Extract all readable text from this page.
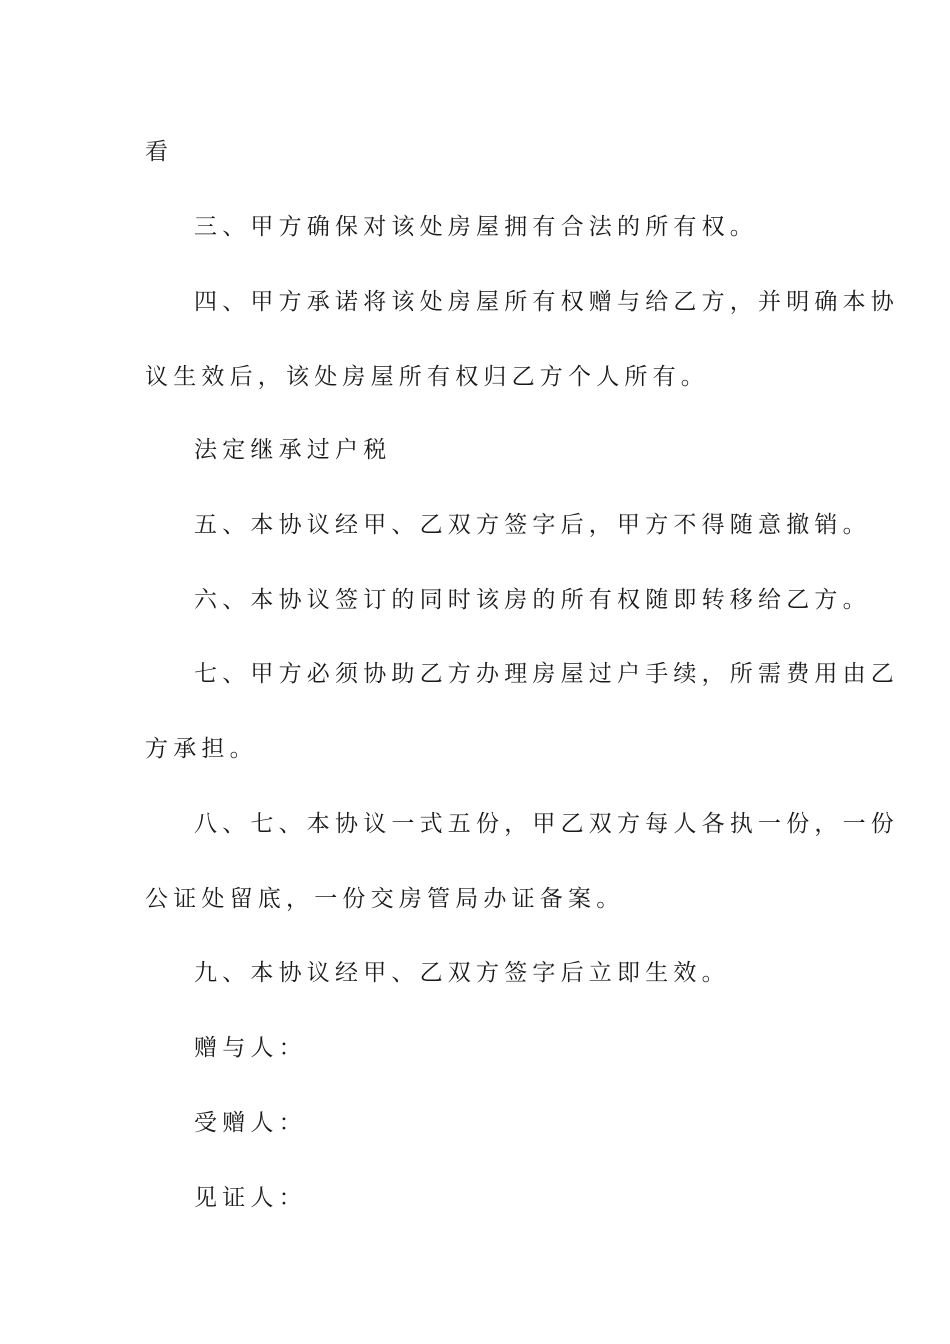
看

三、甲方确保对该处房屋拥有合法的所有权。

四、甲方承诺将该处房屋所有权赠与给乙方，并明确本协

议生效后，该处房屋所有权归乙方个人所有。

法定继承过户税

五、本协议经甲、乙双方签字后，甲方不得随意撤销。

六、本协议签订的同时该房的所有权随即转移给乙方。

七、甲方必须协助乙方办理房屋过户手续，所需费用由乙

方承担。

八、七、本协议一式五份，甲乙双方每人各执一份，一份

公证处留底，一份交房管局办证备案。

九、本协议经甲、乙双方签字后立即生效。

赠与人：

受赠人：

见证人：
